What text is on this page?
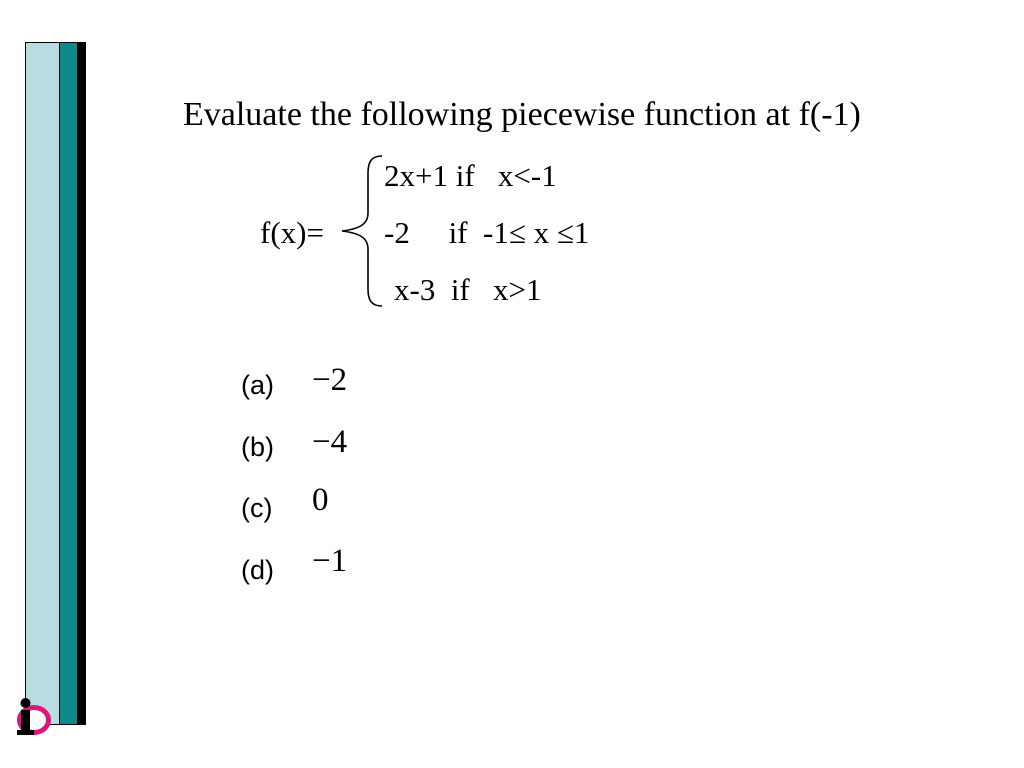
Evaluate the following piecewise function at f(-1)
f(x)=
2x+1 if   x<-1
-2     if  -1≤ x ≤1
x-3  if   x>1
(a) −2
(b) −4
(c) 0
(d) −1
